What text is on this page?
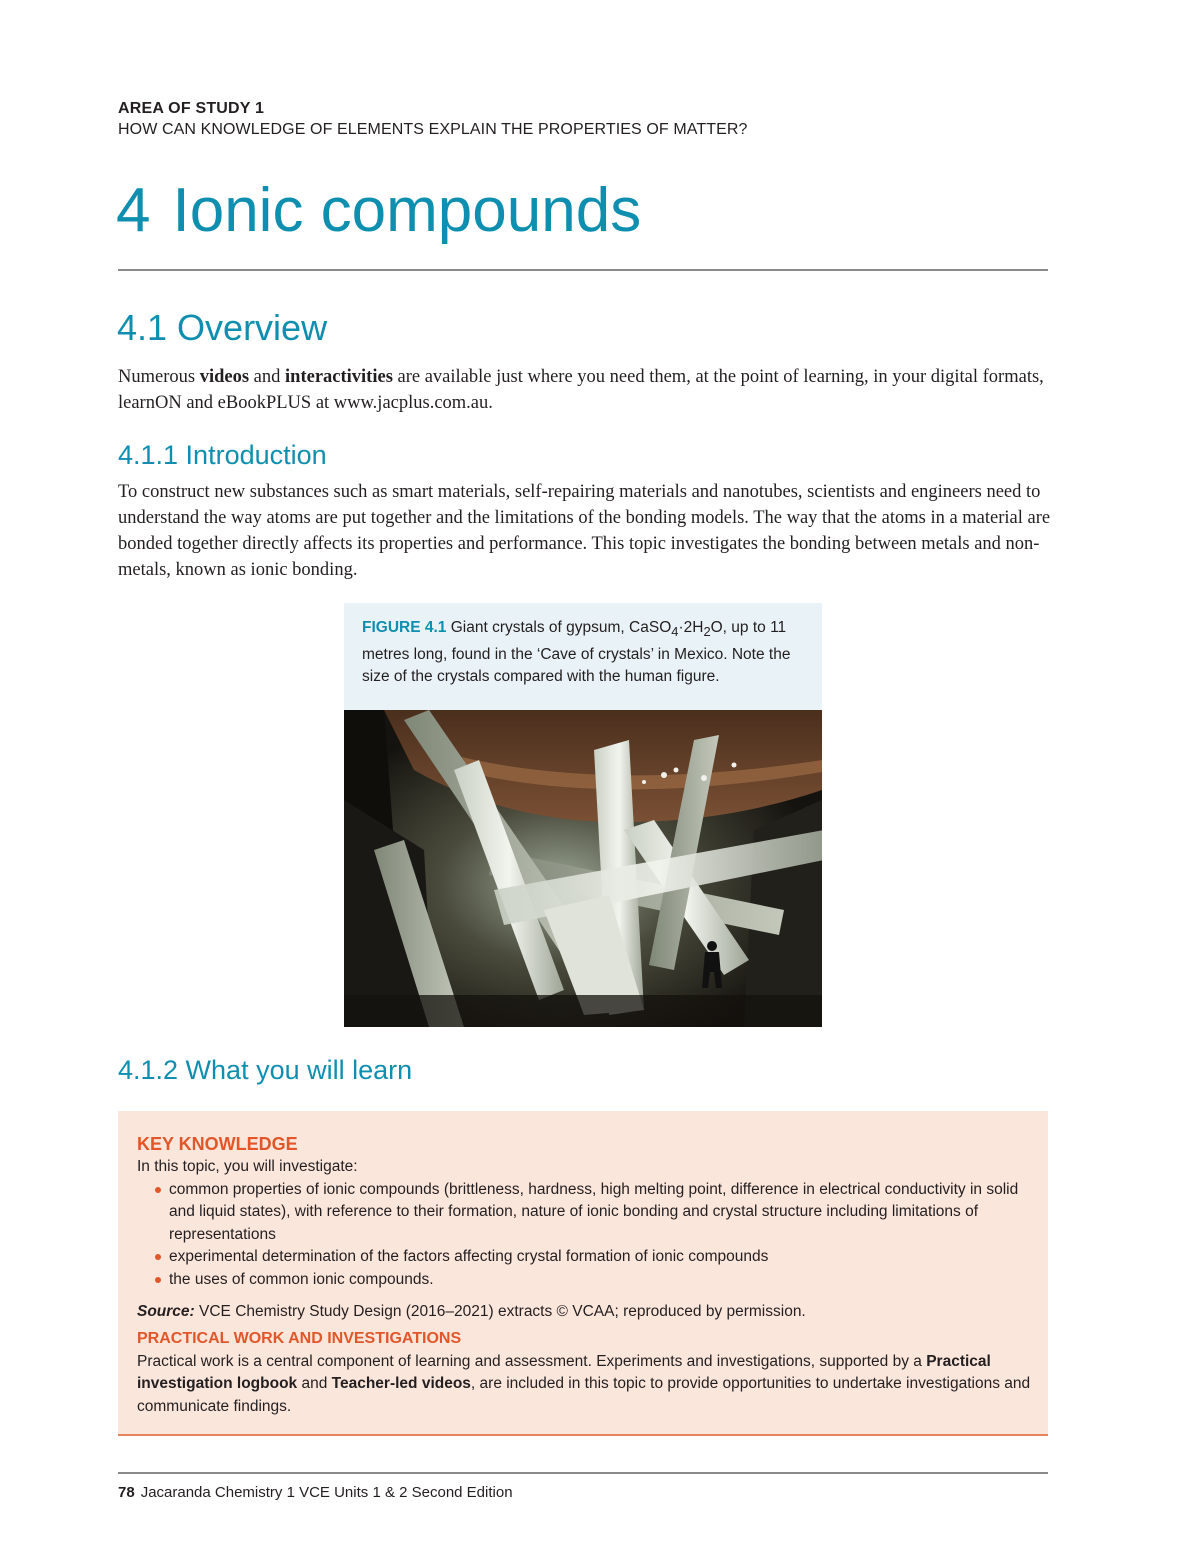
AREA OF STUDY 1
HOW CAN KNOWLEDGE OF ELEMENTS EXPLAIN THE PROPERTIES OF MATTER?
4 Ionic compounds
4.1 Overview
Numerous videos and interactivities are available just where you need them, at the point of learning, in your digital formats, learnON and eBookPLUS at www.jacplus.com.au.
4.1.1 Introduction
To construct new substances such as smart materials, self-repairing materials and nanotubes, scientists and engineers need to understand the way atoms are put together and the limitations of the bonding models. The way that the atoms in a material are bonded together directly affects its properties and performance. This topic investigates the bonding between metals and non-metals, known as ionic bonding.
FIGURE 4.1 Giant crystals of gypsum, $CaSO_4\cdot 2H_2O$, up to 11 metres long, found in the ‘Cave of crystals’ in Mexico. Note the size of the crystals compared with the human figure.
4.1.2 What you will learn
KEY KNOWLEDGE
In this topic, you will investigate:
common properties of ionic compounds (brittleness, hardness, high melting point, difference in electrical conductivity in solid and liquid states), with reference to their formation, nature of ionic bonding and crystal structure including limitations of representations
experimental determination of the factors affecting crystal formation of ionic compounds
the uses of common ionic compounds.
Source: VCE Chemistry Study Design (2016–2021) extracts © VCAA; reproduced by permission.
PRACTICAL WORK AND INVESTIGATIONS
Practical work is a central component of learning and assessment. Experiments and investigations, supported by a Practical investigation logbook and Teacher-led videos, are included in this topic to provide opportunities to undertake investigations and communicate findings.
78 Jacaranda Chemistry 1 VCE Units 1 & 2 Second Edition
